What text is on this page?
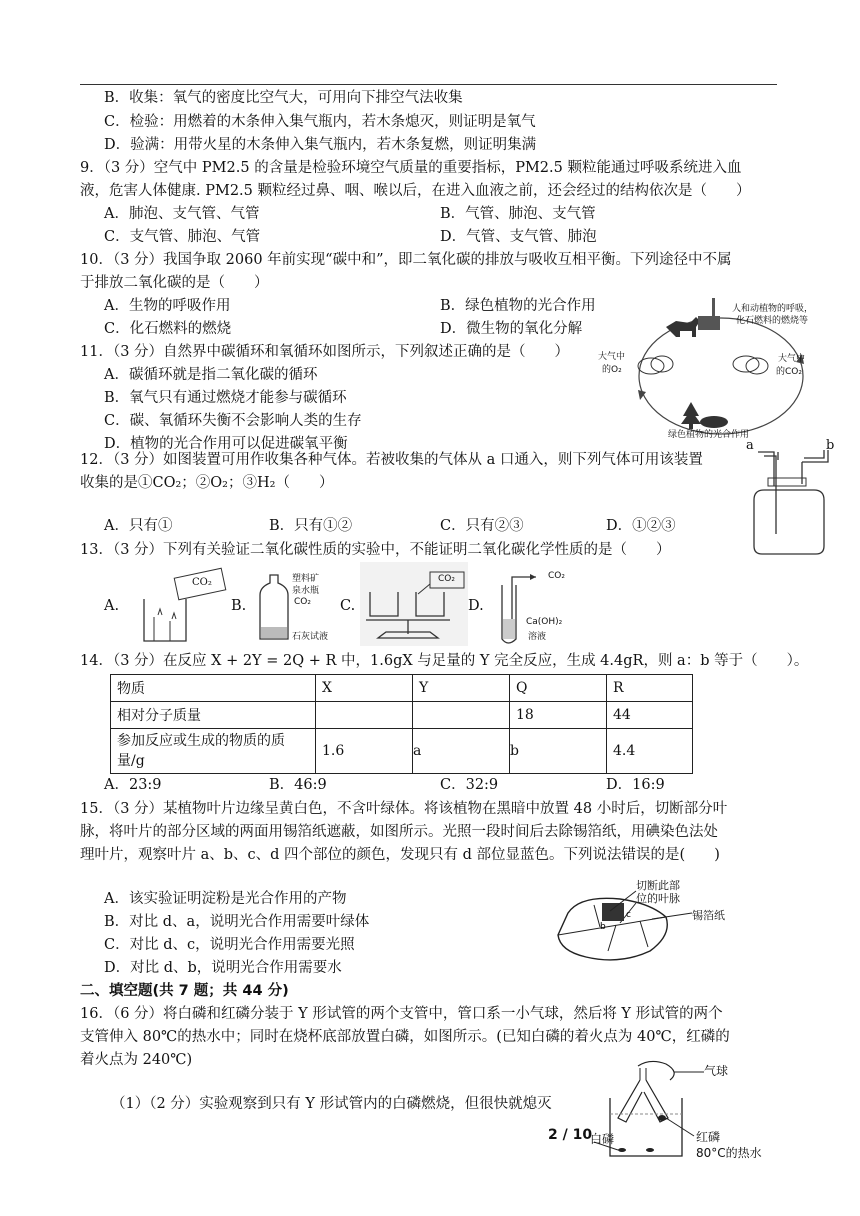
B．收集：氧气的密度比空气大，可用向下排空气法收集
C．检验：用燃着的木条伸入集气瓶内，若木条熄灭，则证明是氧气
D．验满：用带火星的木条伸入集气瓶内，若木条复燃，则证明集满
9．（3 分）空气中 PM2.5 的含量是检验环境空气质量的重要指标，PM2.5 颗粒能通过呼吸系统进入血
液，危害人体健康. PM2.5 颗粒经过鼻、咽、喉以后，在进入血液之前，还会经过的结构依次是（　　）
A．肺泡、支气管、气管	B．气管、肺泡、支气管
C．支气管、肺泡、气管	D．气管、支气管、肺泡
10．（3 分）我国争取 2060 年前实现“碳中和”，即二氧化碳的排放与吸收互相平衡。下列途径中不属
于排放二氧化碳的是（　　）
A．生物的呼吸作用	B．绿色植物的光合作用
C．化石燃料的燃烧	D．微生物的氧化分解
11．（3 分）自然界中碳循环和氧循环如图所示，下列叙述正确的是（　　）
A．碳循环就是指二氧化碳的循环
B．氧气只有通过燃烧才能参与碳循环
C．碳、氧循环失衡不会影响人类的生存
D．植物的光合作用可以促进碳氧平衡
人和动植物的呼吸，
化石燃料的燃烧等
大气中
的O₂
大气中
的CO₂
绿色植物的光合作用
12．（3 分）如图装置可用作收集各种气体。若被收集的气体从 a 口通入，则下列气体可用该装置
收集的是①CO₂；②O₂；③H₂（　　）
A．只有①	B．只有①②	C．只有②③	D．①②③
a	b
13．（3 分）下列有关验证二氧化碳性质的实验中，不能证明二氧化碳化学性质的是（　　）
A.
CO₂
B.
塑料矿
泉水瓶
CO₂
石灰试液
C.
CO₂
D.
CO₂
Ca(OH)₂
溶液
14．（3 分）在反应 X + 2Y = 2Q + R 中，1.6gX 与足量的 Y 完全反应，生成 4.4gR，则 a：b 等于（　　）。
物质	X	Y	Q	R
相对分子质量			18	44
参加反应或生成的物质的质
量/g	1.6	a	b	4.4
A．23:9	B．46:9	C．32:9	D．16:9
15．（3 分）某植物叶片边缘呈黄白色，不含叶绿体。将该植物在黑暗中放置 48 小时后，切断部分叶
脉，将叶片的部分区域的两面用锡箔纸遮蔽，如图所示。光照一段时间后去除锡箔纸，用碘染色法处
理叶片，观察叶片 a、b、c、d 四个部位的颜色，发现只有 d 部位显蓝色。下列说法错误的是(　　)
A．该实验证明淀粉是光合作用的产物
B．对比 d、a，说明光合作用需要叶绿体
C．对比 d、c，说明光合作用需要光照
D．对比 d、b，说明光合作用需要水
b
c
切断此部
位的叶脉
锡箔纸
二、填空题(共 7 题；共 44 分)
16．（6 分）将白磷和红磷分装于 Y 形试管的两个支管中，管口系一小气球，然后将 Y 形试管的两个
支管伸入 80℃的热水中；同时在烧杯底部放置白磷，如图所示。(已知白磷的着火点为 40℃，红磷的
着火点为 240℃)
（1）（2 分）实验观察到只有 Y 形试管内的白磷燃烧，但很快就熄灭
气球
红磷
白磷
80°C的热水
2 / 10
